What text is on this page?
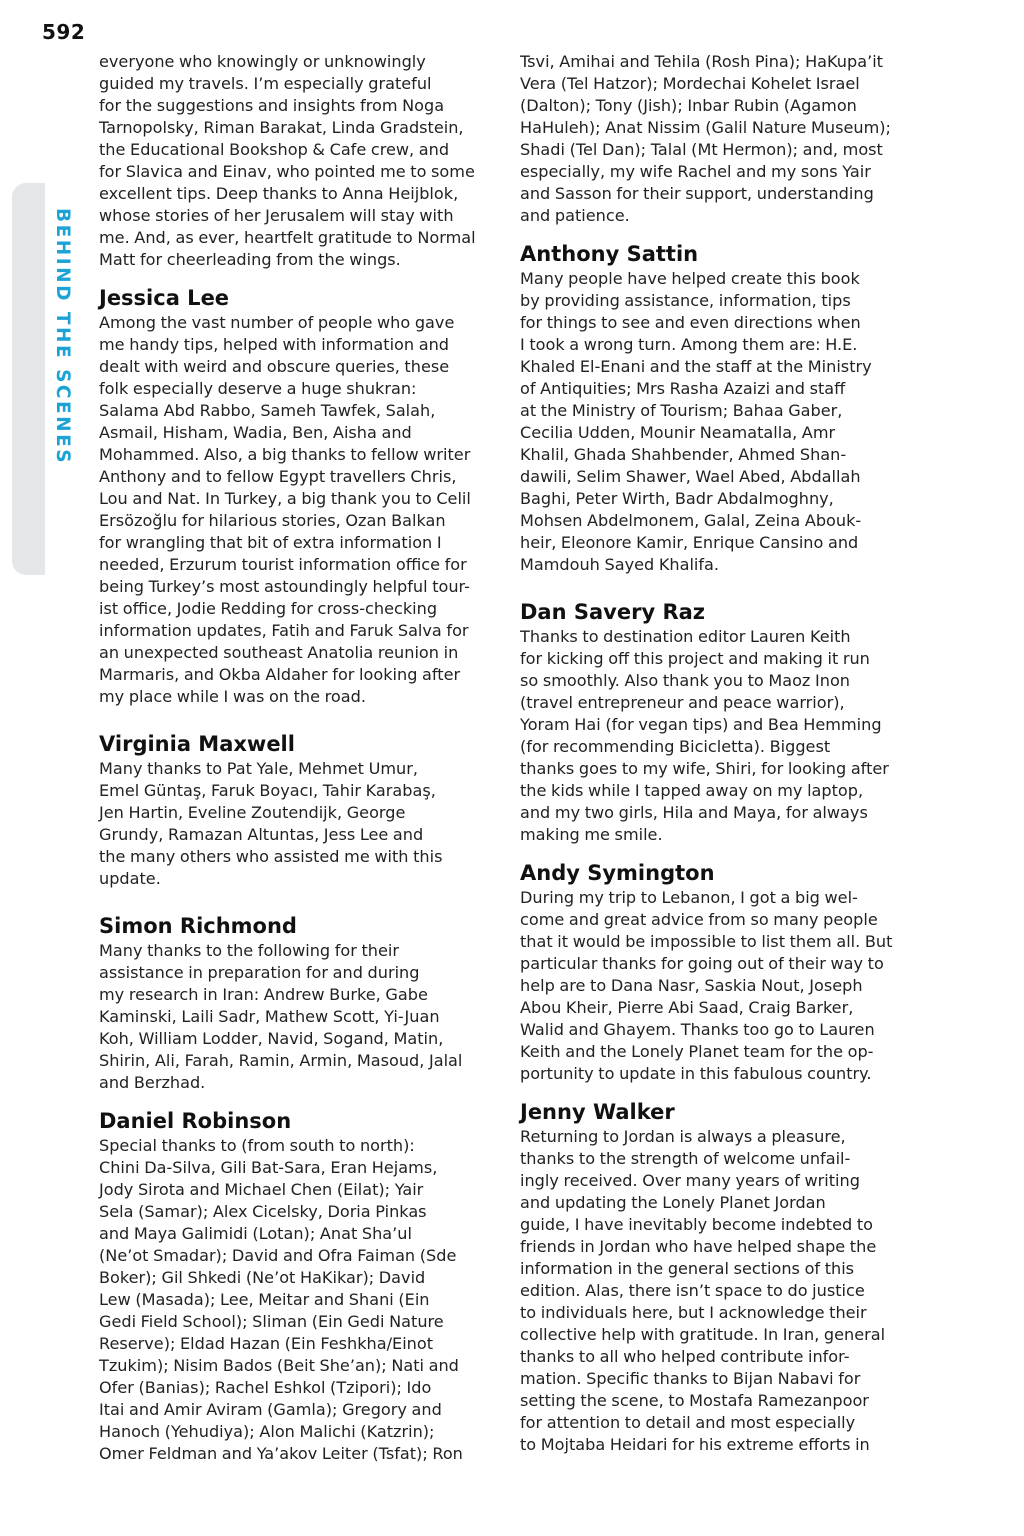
592
BEHIND THE SCENES

everyone who knowingly or unknowingly
guided my travels. I’m especially grateful
for the suggestions and insights from Noga
Tarnopolsky, Riman Barakat, Linda Gradstein,
the Educational Bookshop & Cafe crew, and
for Slavica and Einav, who pointed me to some
excellent tips. Deep thanks to Anna Heijblok,
whose stories of her Jerusalem will stay with
me. And, as ever, heartfelt gratitude to Normal
Matt for cheerleading from the wings.

Jessica Lee

Among the vast number of people who gave
me handy tips, helped with information and
dealt with weird and obscure queries, these
folk especially deserve a huge shukran:
Salama Abd Rabbo, Sameh Tawfek, Salah,
Asmail, Hisham, Wadia, Ben, Aisha and
Mohammed. Also, a big thanks to fellow writer
Anthony and to fellow Egypt travellers Chris,
Lou and Nat. In Turkey, a big thank you to Celil
Ersözoğlu for hilarious stories, Ozan Balkan
for wrangling that bit of extra information I
needed, Erzurum tourist information office for
being Turkey’s most astoundingly helpful tour-
ist office, Jodie Redding for cross-checking
information updates, Fatih and Faruk Salva for
an unexpected southeast Anatolia reunion in
Marmaris, and Okba Aldaher for looking after
my place while I was on the road.

Virginia Maxwell

Many thanks to Pat Yale, Mehmet Umur,
Emel Güntaş, Faruk Boyacı, Tahir Karabaş,
Jen Hartin, Eveline Zoutendijk, George
Grundy, Ramazan Altuntas, Jess Lee and
the many others who assisted me with this
update.

Simon Richmond

Many thanks to the following for their
assistance in preparation for and during
my research in Iran: Andrew Burke, Gabe
Kaminski, Laili Sadr, Mathew Scott, Yi-Juan
Koh, William Lodder, Navid, Sogand, Matin,
Shirin, Ali, Farah, Ramin, Armin, Masoud, Jalal
and Berzhad.

Daniel Robinson

Special thanks to (from south to north):
Chini Da-Silva, Gili Bat-Sara, Eran Hejams,
Jody Sirota and Michael Chen (Eilat); Yair
Sela (Samar); Alex Cicelsky, Doria Pinkas
and Maya Galimidi (Lotan); Anat Sha’ul
(Ne’ot Smadar); David and Ofra Faiman (Sde
Boker); Gil Shkedi (Ne’ot HaKikar); David
Lew (Masada); Lee, Meitar and Shani (Ein
Gedi Field School); Sliman (Ein Gedi Nature
Reserve); Eldad Hazan (Ein Feshkha/Einot
Tzukim); Nisim Bados (Beit She’an); Nati and
Ofer (Banias); Rachel Eshkol (Tzipori); Ido
Itai and Amir Aviram (Gamla); Gregory and
Hanoch (Yehudiya); Alon Malichi (Katzrin);
Omer Feldman and Ya’akov Leiter (Tsfat); Ron

Tsvi, Amihai and Tehila (Rosh Pina); HaKupa’it
Vera (Tel Hatzor); Mordechai Kohelet Israel
(Dalton); Tony (Jish); Inbar Rubin (Agamon
HaHuleh); Anat Nissim (Galil Nature Museum);
Shadi (Tel Dan); Talal (Mt Hermon); and, most
especially, my wife Rachel and my sons Yair
and Sasson for their support, understanding
and patience.

Anthony Sattin

Many people have helped create this book
by providing assistance, information, tips
for things to see and even directions when
I took a wrong turn. Among them are: H.E.
Khaled El-Enani and the staff at the Ministry
of Antiquities; Mrs Rasha Azaizi and staff
at the Ministry of Tourism; Bahaa Gaber,
Cecilia Udden, Mounir Neamatalla, Amr
Khalil, Ghada Shahbender, Ahmed Shan-
dawili, Selim Shawer, Wael Abed, Abdallah
Baghi, Peter Wirth, Badr Abdalmoghny,
Mohsen Abdelmonem, Galal, Zeina Abouk-
heir, Eleonore Kamir, Enrique Cansino and
Mamdouh Sayed Khalifa.

Dan Savery Raz

Thanks to destination editor Lauren Keith
for kicking off this project and making it run
so smoothly. Also thank you to Maoz Inon
(travel entrepreneur and peace warrior),
Yoram Hai (for vegan tips) and Bea Hemming
(for recommending Bicicletta). Biggest
thanks goes to my wife, Shiri, for looking after
the kids while I tapped away on my laptop,
and my two girls, Hila and Maya, for always
making me smile.

Andy Symington

During my trip to Lebanon, I got a big wel-
come and great advice from so many people
that it would be impossible to list them all. But
particular thanks for going out of their way to
help are to Dana Nasr, Saskia Nout, Joseph
Abou Kheir, Pierre Abi Saad, Craig Barker,
Walid and Ghayem. Thanks too go to Lauren
Keith and the Lonely Planet team for the op-
portunity to update in this fabulous country.

Jenny Walker

Returning to Jordan is always a pleasure,
thanks to the strength of welcome unfail-
ingly received. Over many years of writing
and updating the Lonely Planet Jordan
guide, I have inevitably become indebted to
friends in Jordan who have helped shape the
information in the general sections of this
edition. Alas, there isn’t space to do justice
to individuals here, but I acknowledge their
collective help with gratitude. In Iran, general
thanks to all who helped contribute infor-
mation. Specific thanks to Bijan Nabavi for
setting the scene, to Mostafa Ramezanpoor
for attention to detail and most especially
to Mojtaba Heidari for his extreme efforts in
